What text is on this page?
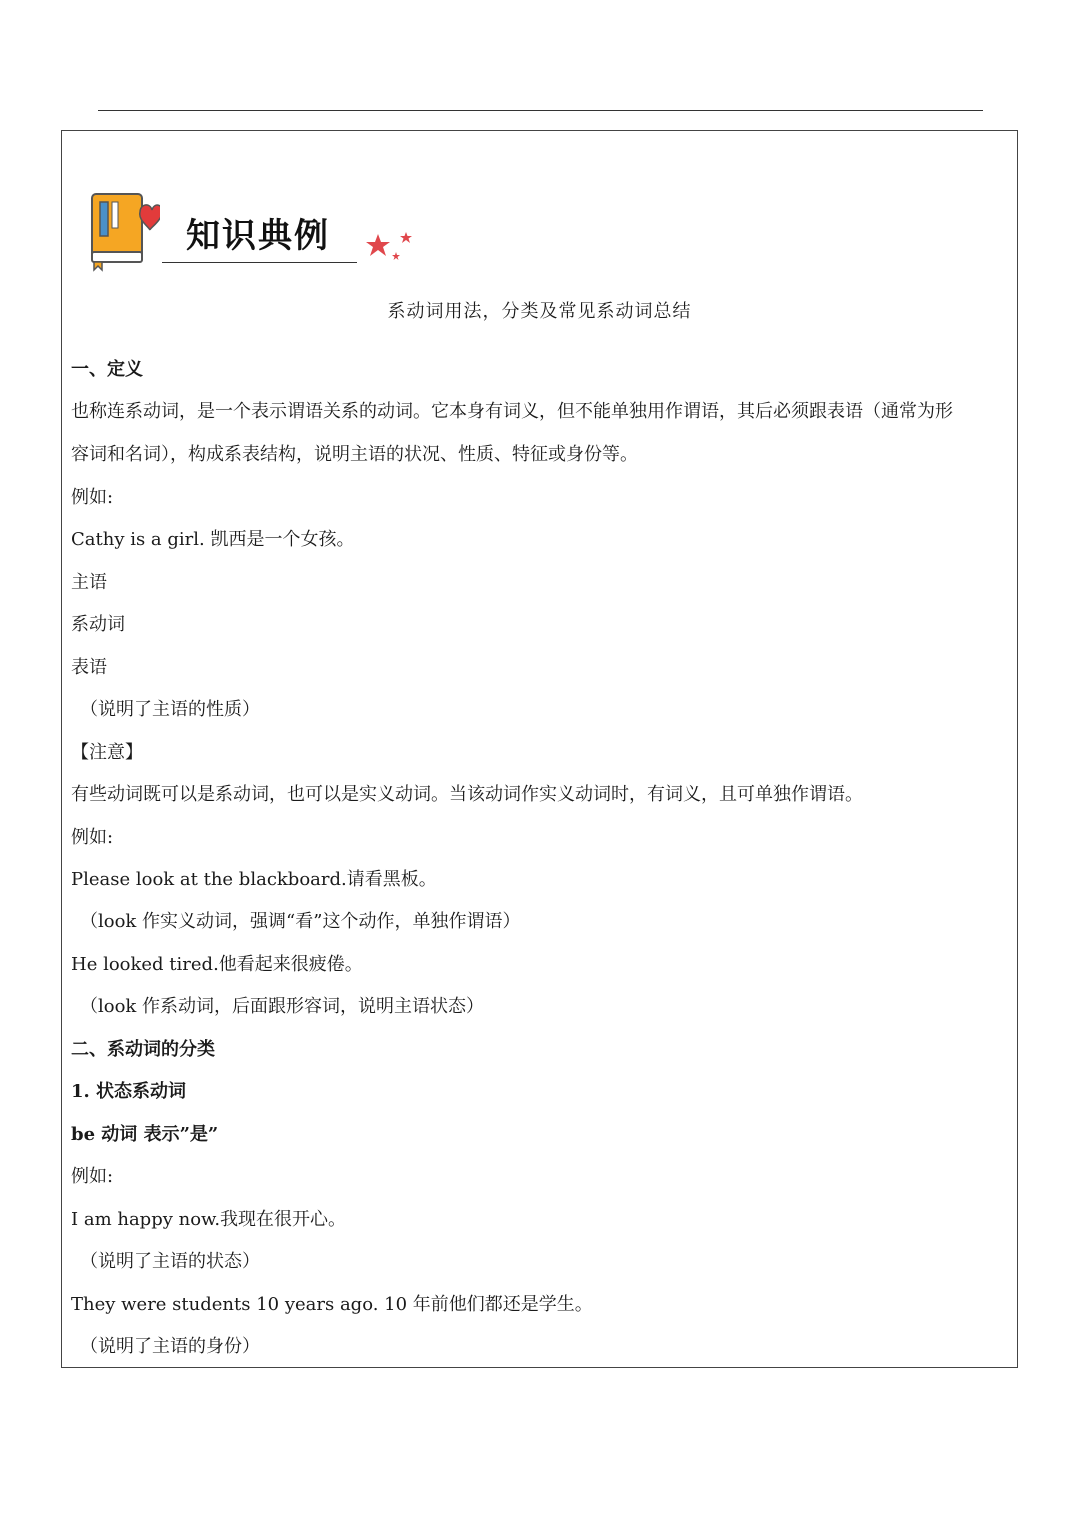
知识典例
系动词用法，分类及常见系动词总结
一、定义
也称连系动词，是一个表示谓语关系的动词。它本身有词义，但不能单独用作谓语，其后必须跟表语（通常为形
容词和名词），构成系表结构，说明主语的状况、性质、特征或身份等。
例如:
Cathy is a girl. 凯西是一个女孩。
主语
系动词
表语
（说明了主语的性质）
【注意】
有些动词既可以是系动词，也可以是实义动词。当该动词作实义动词时，有词义，且可单独作谓语。
例如:
Please look at the blackboard.请看黑板。
（look 作实义动词，强调“看”这个动作，单独作谓语）
He looked tired.他看起来很疲倦。
（look 作系动词，后面跟形容词，说明主语状态）
二、系动词的分类
1. 状态系动词
be 动词 表示”是”
例如:
I am happy now.我现在很开心。
（说明了主语的状态）
They were students 10 years ago. 10 年前他们都还是学生。
（说明了主语的身份）
